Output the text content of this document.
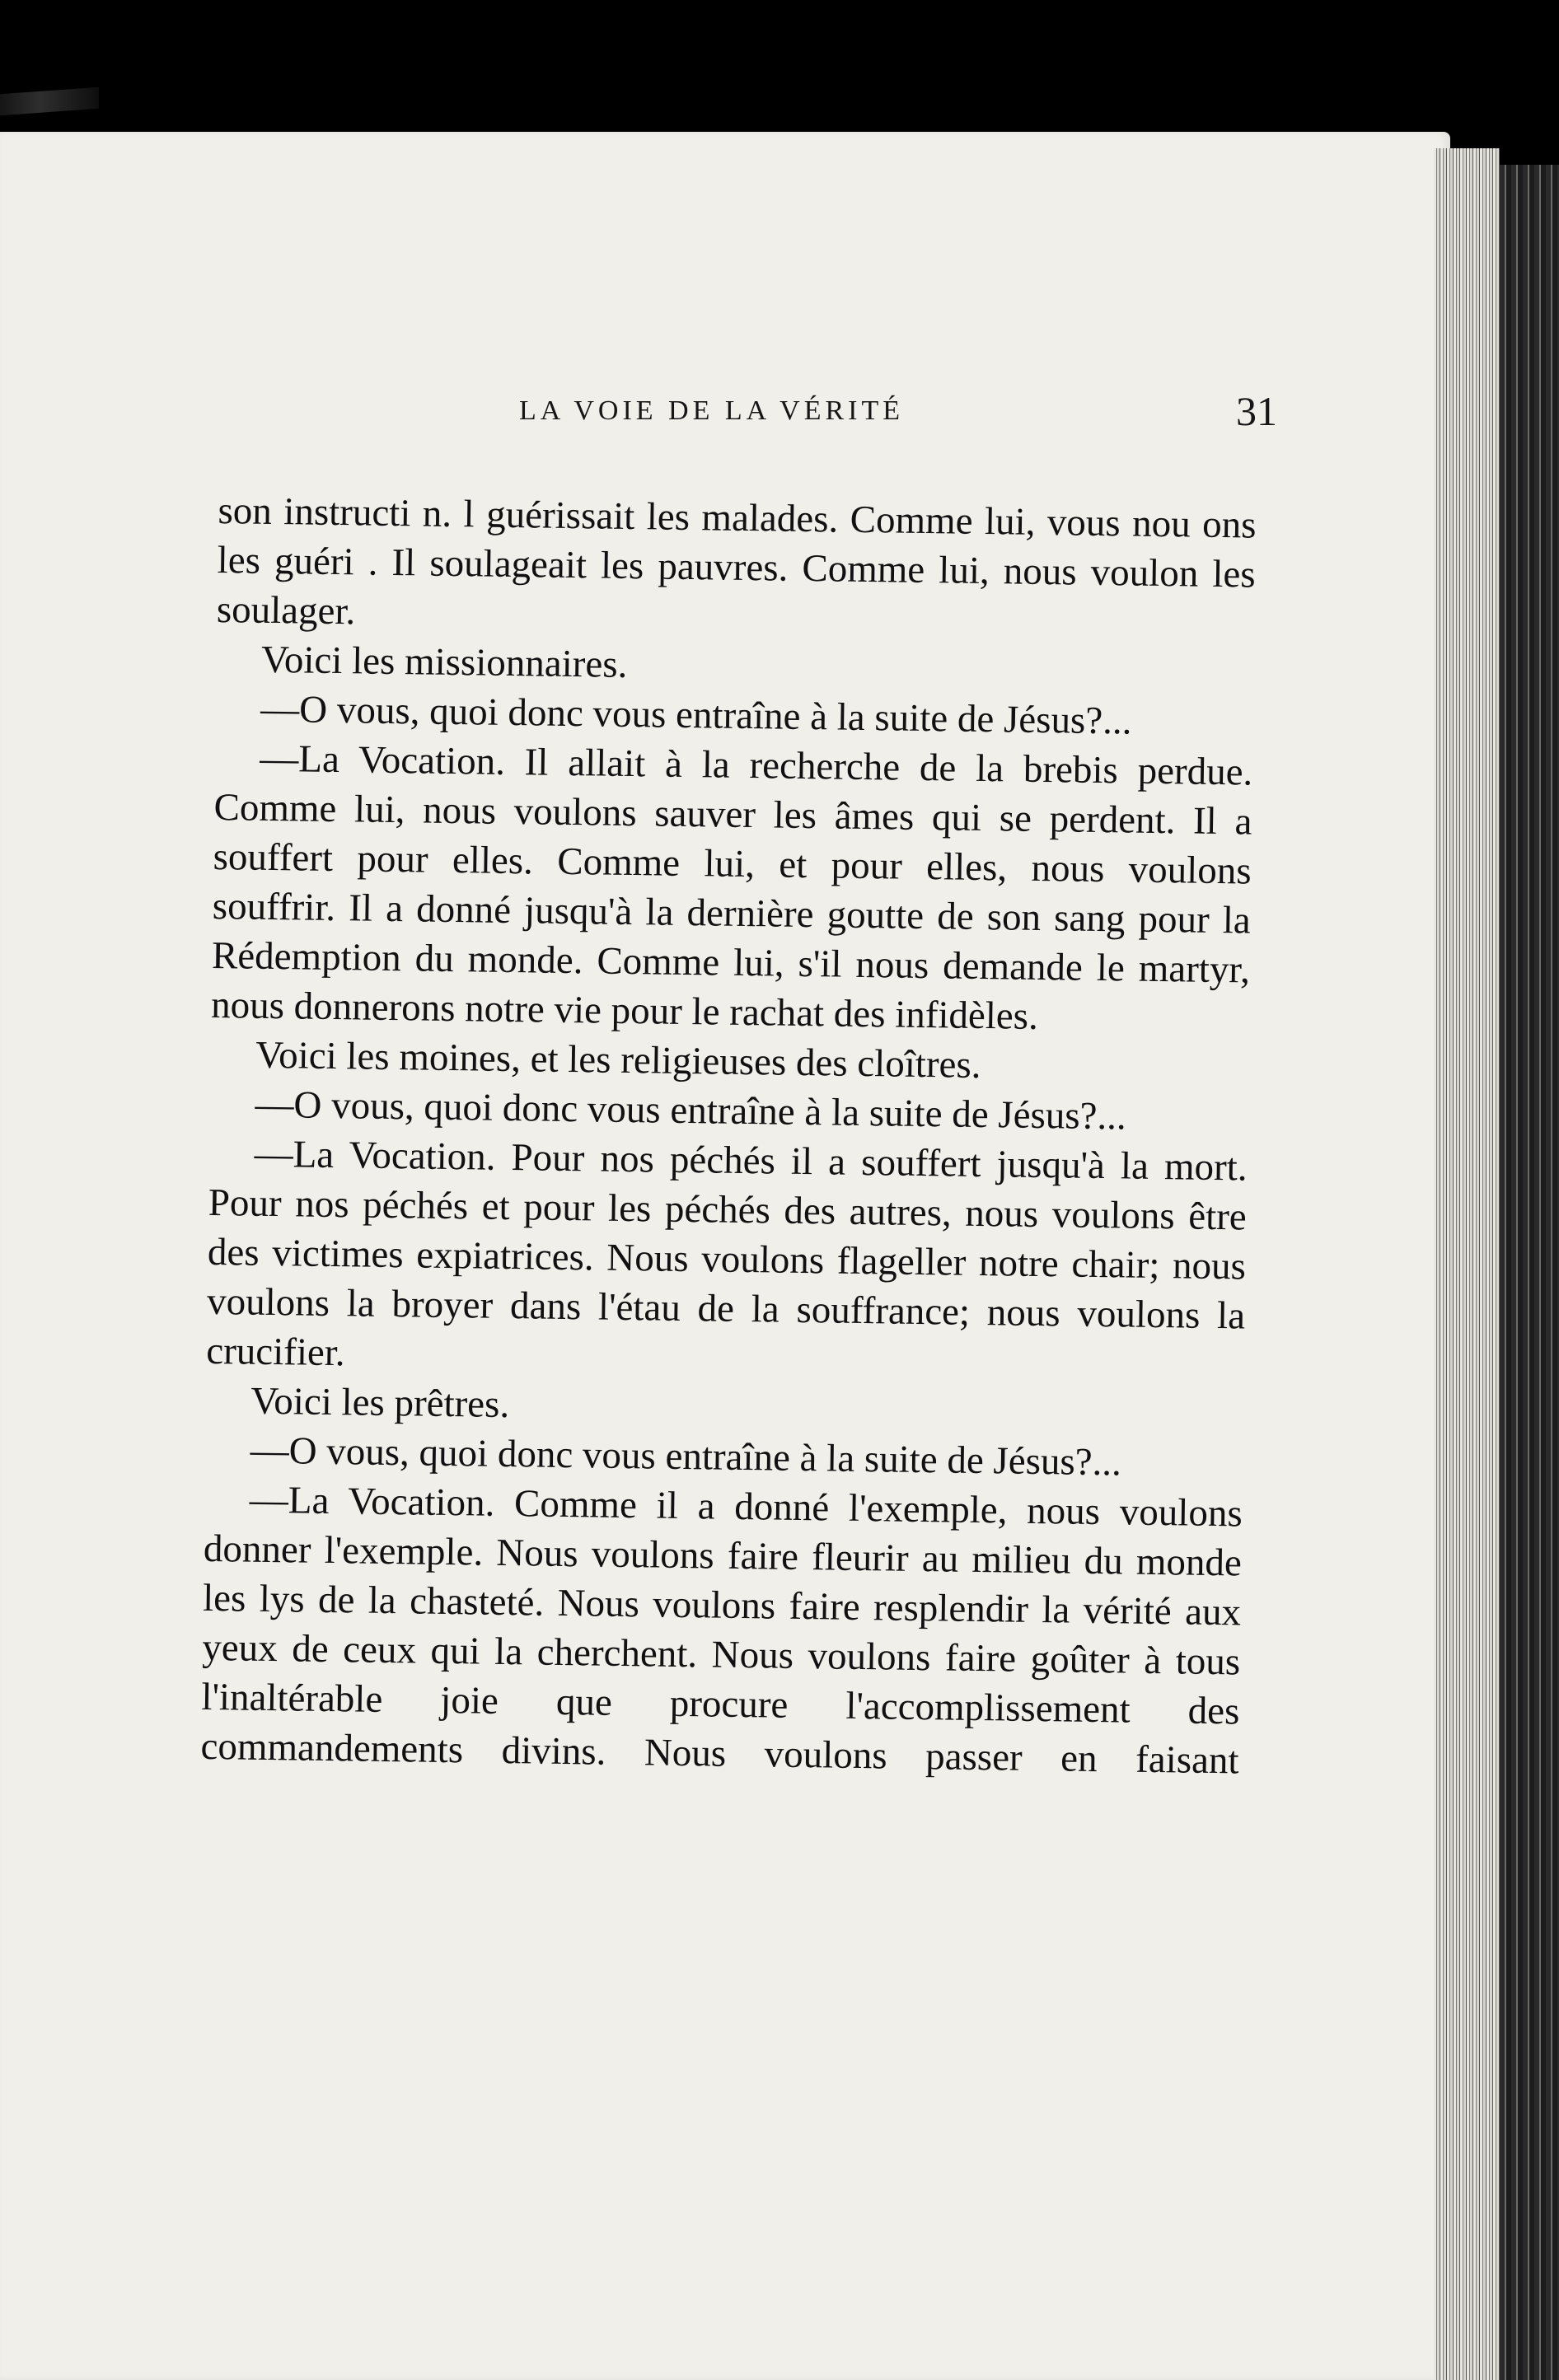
LA VOIE DE LA VÉRITÉ	31

son instructi n. l guérissait les malades. Comme lui, vous nou ons les guéri . Il soulageait les pauvres. Comme lui, nous voulon les soulager.

Voici les missionnaires.

—O vous, quoi donc vous entraîne à la suite de Jésus?...

—La Vocation. Il allait à la recherche de la brebis perdue. Comme lui, nous voulons sauver les âmes qui se perdent. Il a souffert pour elles. Comme lui, et pour elles, nous voulons souffrir. Il a donné jusqu'à la dernière goutte de son sang pour la Rédemption du monde. Comme lui, s'il nous demande le martyr, nous donnerons notre vie pour le rachat des infidèles.

Voici les moines, et les religieuses des cloîtres.

—O vous, quoi donc vous entraîne à la suite de Jésus?...

—La Vocation. Pour nos péchés il a souffert jusqu'à la mort. Pour nos péchés et pour les péchés des autres, nous voulons être des victimes expiatrices. Nous voulons flageller notre chair; nous voulons la broyer dans l'étau de la souffrance; nous voulons la crucifier.

Voici les prêtres.

—O vous, quoi donc vous entraîne à la suite de Jésus?...

—La Vocation. Comme il a donné l'exemple, nous voulons donner l'exemple. Nous voulons faire fleurir au milieu du monde les lys de la chasteté. Nous voulons faire resplendir la vérité aux yeux de ceux qui la cherchent. Nous voulons faire goûter à tous l'inaltérable joie que procure l'accomplissement des commandements divins. Nous voulons passer en faisant
